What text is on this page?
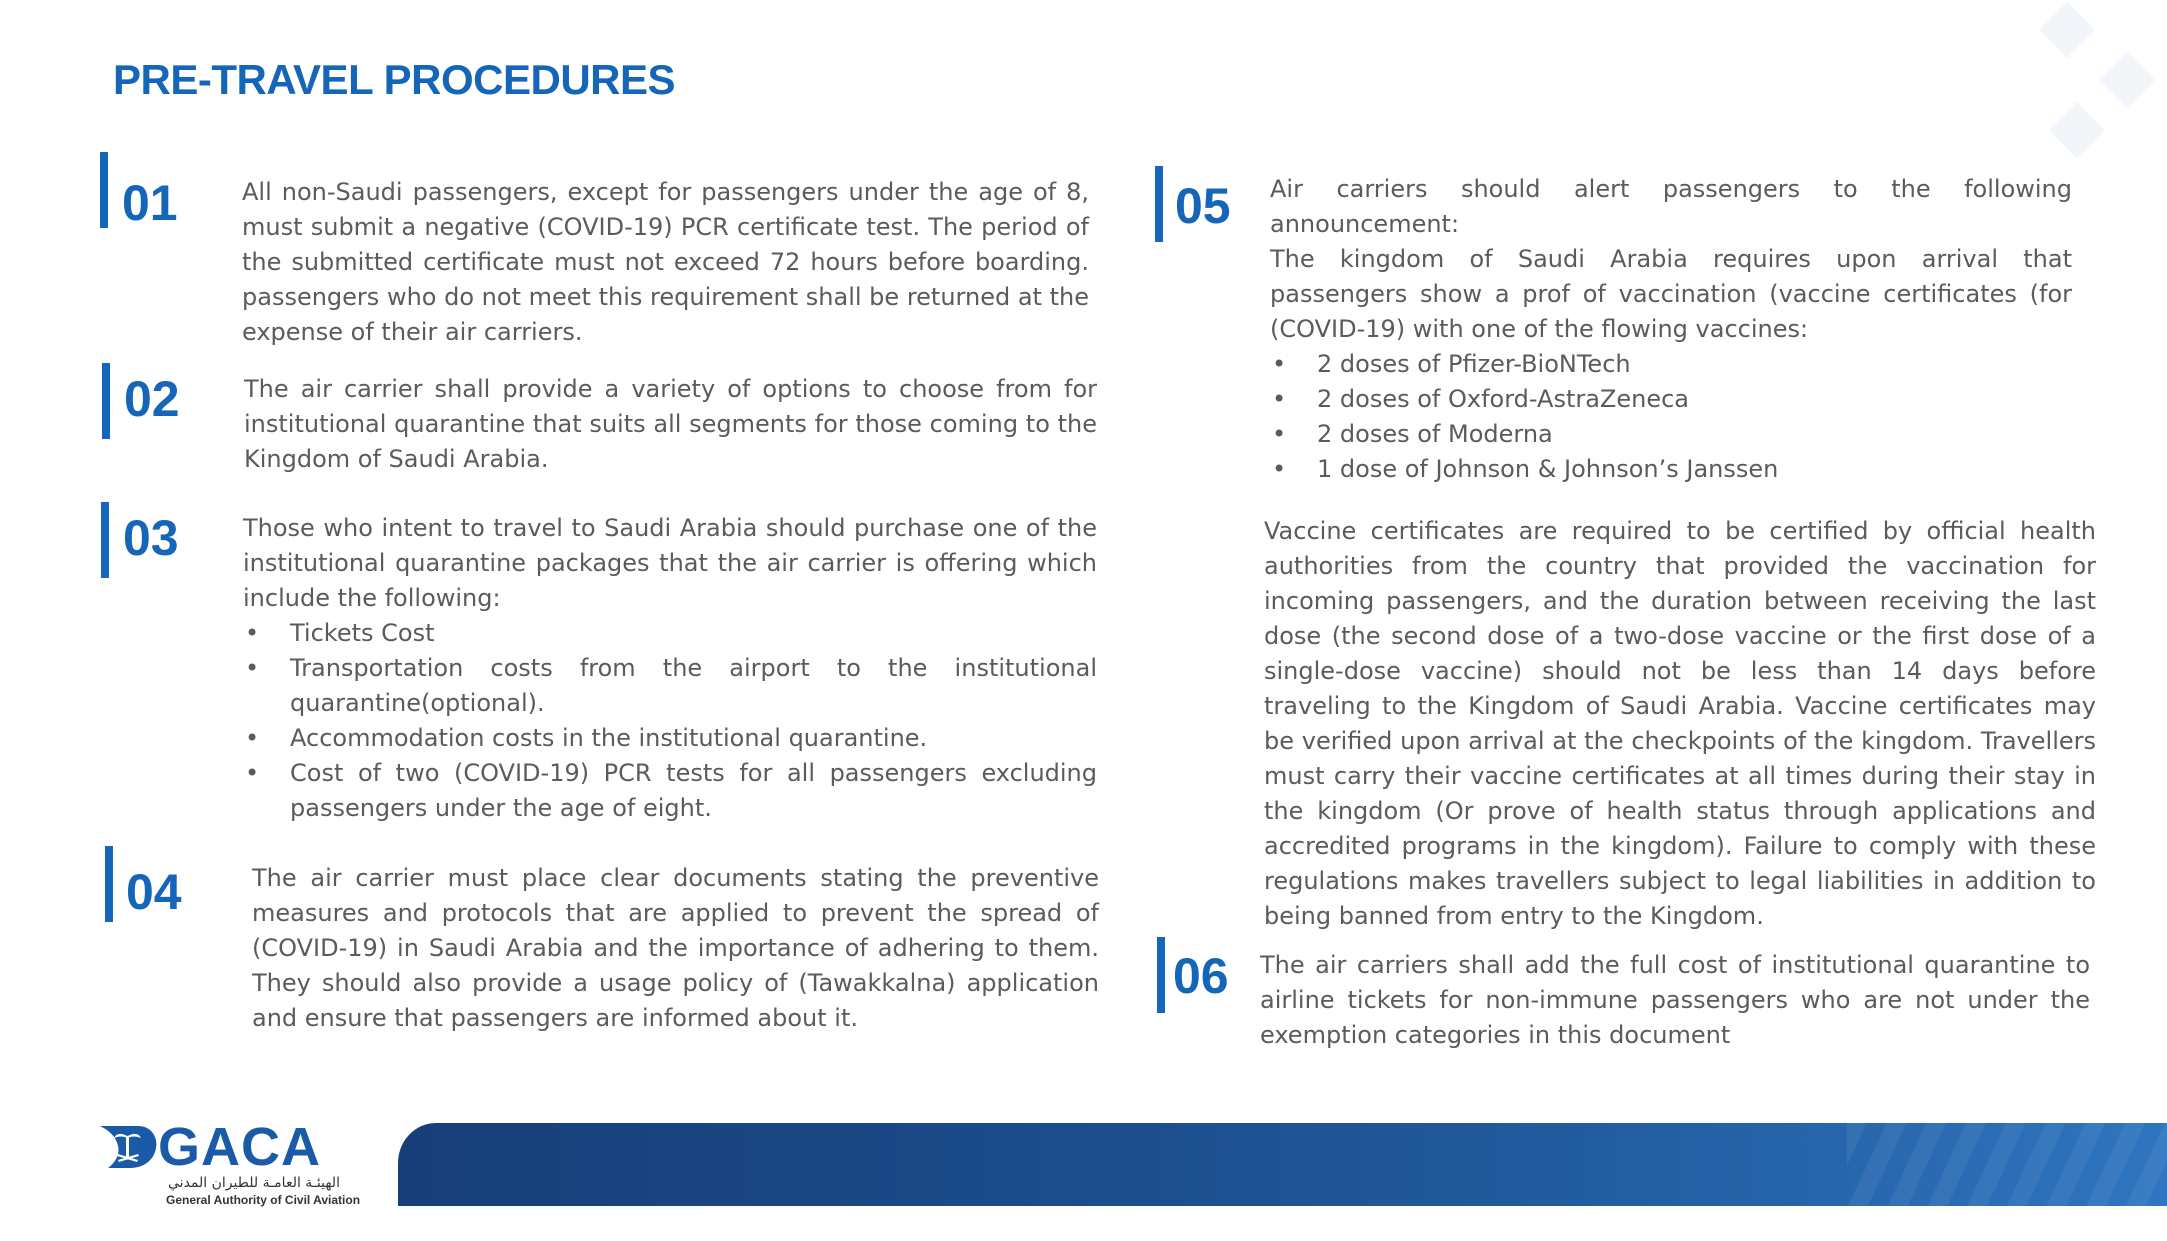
PRE-TRAVEL PROCEDURES
01	All non-Saudi passengers, except for passengers under the age of 8, must submit a negative (COVID-19) PCR certificate test. The period of the submitted certificate must not exceed 72 hours before boarding. passengers who do not meet this requirement shall be returned at the expense of their air carriers.

02	The air carrier shall provide a variety of options to choose from for institutional quarantine that suits all segments for those coming to the Kingdom of Saudi Arabia.

03	Those who intent to travel to Saudi Arabia should purchase one of the institutional quarantine packages that the air carrier is offering which include the following:

• Tickets Cost
• Transportation costs from the airport to the institutional quarantine(optional).
• Accommodation costs in the institutional quarantine.
• Cost of two (COVID-19) PCR tests for all passengers excluding passengers under the age of eight.
04	The air carrier must place clear documents stating the preventive measures and protocols that are applied to prevent the spread of (COVID-19) in Saudi Arabia and the importance of adhering to them. They should also provide a usage policy of (Tawakkalna) application and ensure that passengers are informed about it.

05 Air carriers should alert passengers to the following announcement:

The kingdom of Saudi Arabia requires upon arrival that passengers show a prof of vaccination (vaccine certificates (for (COVID-19) with one of the flowing vaccines:

• 2 doses of Pfizer-BioNTech
• 2 doses of Oxford-AstraZeneca
• 2 doses of Moderna
• 1 dose of Johnson & Johnson’s Janssen

Vaccine certificates are required to be certified by official health authorities from the country that provided the vaccination for incoming passengers, and the duration between receiving the last dose (the second dose of a two-dose vaccine or the first dose of a single-dose vaccine) should not be less than 14 days before traveling to the Kingdom of Saudi Arabia. Vaccine certificates may be verified upon arrival at the checkpoints of the kingdom. Travellers must carry their vaccine certificates at all times during their stay in the kingdom (Or prove of health status through applications and accredited programs in the kingdom). Failure to comply with these regulations makes travellers subject to legal liabilities in addition to being banned from entry to the Kingdom.

06 The air carriers shall add the full cost of institutional quarantine to airline tickets for non-immune passengers who are not under the exemption categories in this document

GACA
الهيئـة العامـة للطيران المدني
General Authority of Civil Aviation
